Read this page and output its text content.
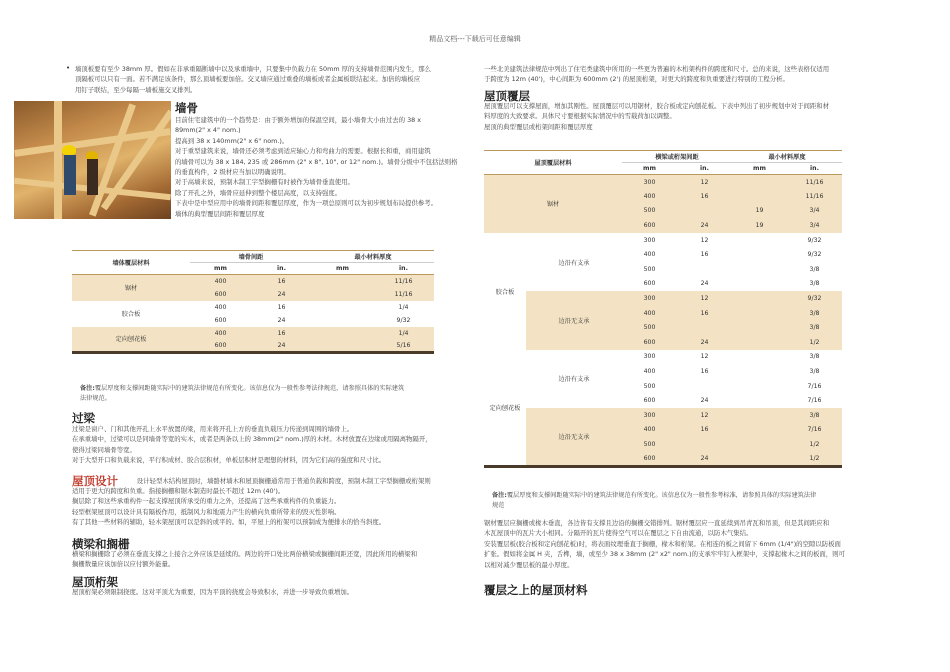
精品文档---下载后可任意编辑
• 墙顶板要有至少 38mm 厚。假如在非承重隔断墙中以及承重墙中，只要集中负载力在 50mm 厚的支持墙骨范围内发生，那么

顶隔板可以只有一面。若不满足该条件，那么顶墙板要加倍。交叉墙应通过重叠的墙板或者金属板联结起来。加倍的墙板应

用钉子联结，至少每隔一墙板施交叉排列。

墙骨

目前住宅建筑中的一个趋势是：由于额外增加的保温空间，最小墙骨大小由过去的 38 x

89mm(2" x 4" nom.)

提高到 38 x 140mm(2" x 6" nom.)。

对于重型建筑来说，墙骨还必须考虑到适应轴心力和弯曲力的需要。根据长和重，商用建筑

的墙骨可以为 38 x 184, 235 或 286mm (2" x 8", 10", or 12" nom.)。墙骨分级中不包括法则格

的垂直构件，2 级材应当加以明确说明。

对于高墙来说，预制木制工字型搁栅有时被作为墙骨垂直使用。

除了开孔之外，墙骨应延伸到整个楼层高度，以支持强度。

下表中是中型应用中的墙骨间距和覆层厚度，作为一项总原则可以为初步规划布局提供参考。

墙体的典型覆层间距和覆层厚度

墙体覆层材料	墙骨间距		最小材料厚度	
	mm	in.	mm	in.
锯材	400	16		11/16
	600	24		11/16
胶合板	400	16		1/4
	600	24		9/32
定向刨花板	400	16		1/4
	600	24		5/16

备注:覆层厚度和支撑间距随实际中的建筑法律规范有所变化。该信息仅为一般性参考法律规范，请参照具体的实际建筑

法律规范。

过梁

过梁是窗户、门和其他开孔上水平放置的梁，用来将开孔上方的垂直负载压力传递到周围的墙骨上。

在承重墙中，过梁可以是同墙骨等宽的实木，或者是两条以上的 38mm(2" nom.)厚的木材。木材放置在边缘或用隔离物隔开，

使得过梁同墙骨等宽。

对于大型开口和负载来说，平行积成材、胶合层积材，单板层积材是理想的材料，因为它们高的强度和尺寸比。

屋顶设计 　　设计轻型木结构屋顶时，墙骼材墙木和屋顶搁栅通常用于普通负载和跨度，预制木制工字型搁栅或桁架则

适用于更大的跨度和负重。指接搁栅和锯木制造时最长不超过 12m (40')。

搁层除了和这些承重构件一起支撑屋顶所承受的重力之外，还提高了这些承重构件的负重能力。

轻型框架屋顶可以设计具有隔板作用，抵制风力和地震力产生的横向负重所带来的毁灭性影响。

有了其他一些材料的辅助，轻木架屋顶可以是斜的或平的。如，平屋上的桁架可以预制成为便排水的恰当斜度。

横梁和搁栅

横梁和搁栅除了必须在垂直支撑之上接合之外应该是延续的。两边的开口处比两倍横梁或搁栅间距还宽，因此所用的横梁和

搁栅数量应该加倍以应付额外能量。

屋顶桁架

屋顶桁架必须限制挠度。这对平顶尤为重要，因为平顶的挠度会导致积水，并进一步导致负重增加。

一些北美建筑法律规范中列出了住宅类建筑中所用的一些更为普遍的木桁架构件的跨度和尺寸。总的来说，这些表格仅适用

于跨度为 12m (40')，中心间距为 600mm (2') 的屋顶桁架，对更大的跨度和负重要进行特别的工程分析。

屋顶覆层

屋顶覆层可以支撑屋面，增加其刚性。屋顶覆层可以用锯材，胶合板或定向刨花板。下表中列出了初步规划中对于间距和材

料厚度的大致要求。具体尺寸要根据实际情况中的雪载荷加以调整。

屋顶的典型覆层或桁架间距和覆层厚度

屋顶覆层材料		横梁或桁架间距		最小材料厚度	
		mm	in.	mm	in.
锯材		300	12		11/16
		400	16		11/16
		500		19	3/4
		600	24	19	3/4
胶合板	边沿有支承	300	12		9/32
		400	16		9/32
		500			3/8
		600	24		3/8
	边沿无支承	300	12		9/32
		400	16		3/8
		500			3/8
		600	24		1/2
定向刨花板	边沿有支承	300	12		3/8
		400	16		3/8
		500			7/16
		600	24		7/16
	边沿无支承	300	12		3/8
		400	16		7/16
		500			1/2
		600	24		1/2

备注:覆层厚度和支撑间距随实际中的建筑法律规范有所变化。该信息仅为一般性参考标准，请参照具体的实际建筑法律

规范

锯材覆层应搁栅或椽木垂直，各边皆有支撑且边沿的搁栅交错排列。锯材覆层应一直延续到吊青瓦和吊顶，但是其间距应和

木瓦屋顶中的瓦片大小相同。分隔开的瓦片使得空气可以在覆层之下自由流通，以防木气集结。

安装覆层板(胶合板和定向刨花板)时，将表面纹理垂直于搁栅，椽木和桁架。在相连的板之间留下 6mm (1/4")的空隙以防板面

扩张。假如将金属 H 夹，舌榫，墙，或至少 38 x 38mm (2" x2" nom.)的支承牢牢钉入框架中，支撑起椽木之间的板面，则可

以相对减少覆层板的最小厚度。

覆层之上的屋顶材料
